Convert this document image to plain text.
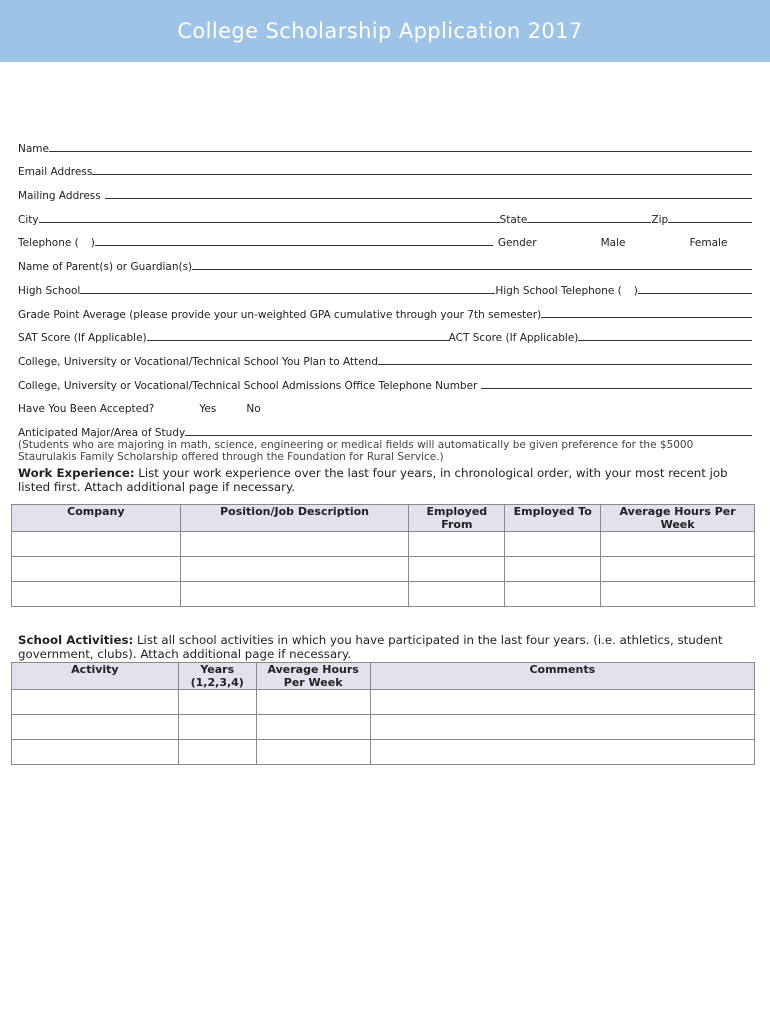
College Scholarship Application 2017
Name
Email Address
Mailing Address
City	State	Zip
Telephone ( )	Gender	Male	Female
Name of Parent(s) or Guardian(s)
High School	High School Telephone ( )
Grade Point Average (please provide your un-weighted GPA cumulative through your 7th semester)
SAT Score (If Applicable)	ACT Score (If Applicable)
College, University or Vocational/Technical School You Plan to Attend
College, University or Vocational/Technical School Admissions Office Telephone Number
Have You Been Accepted?	Yes	No
Anticipated Major/Area of Study
(Students who are majoring in math, science, engineering or medical fields will automatically be given preference for the $5000 Staurulakis Family Scholarship offered through the Foundation for Rural Service.)
Work Experience: List your work experience over the last four years, in chronological order, with your most recent job listed first. Attach additional page if necessary.
Company	Position/Job Description	Employed From	Employed To	Average Hours Per Week

School Activities: List all school activities in which you have participated in the last four years. (i.e. athletics, student government, clubs). Attach additional page if necessary.
Activity	Years (1,2,3,4)	Average Hours Per Week	Comments
